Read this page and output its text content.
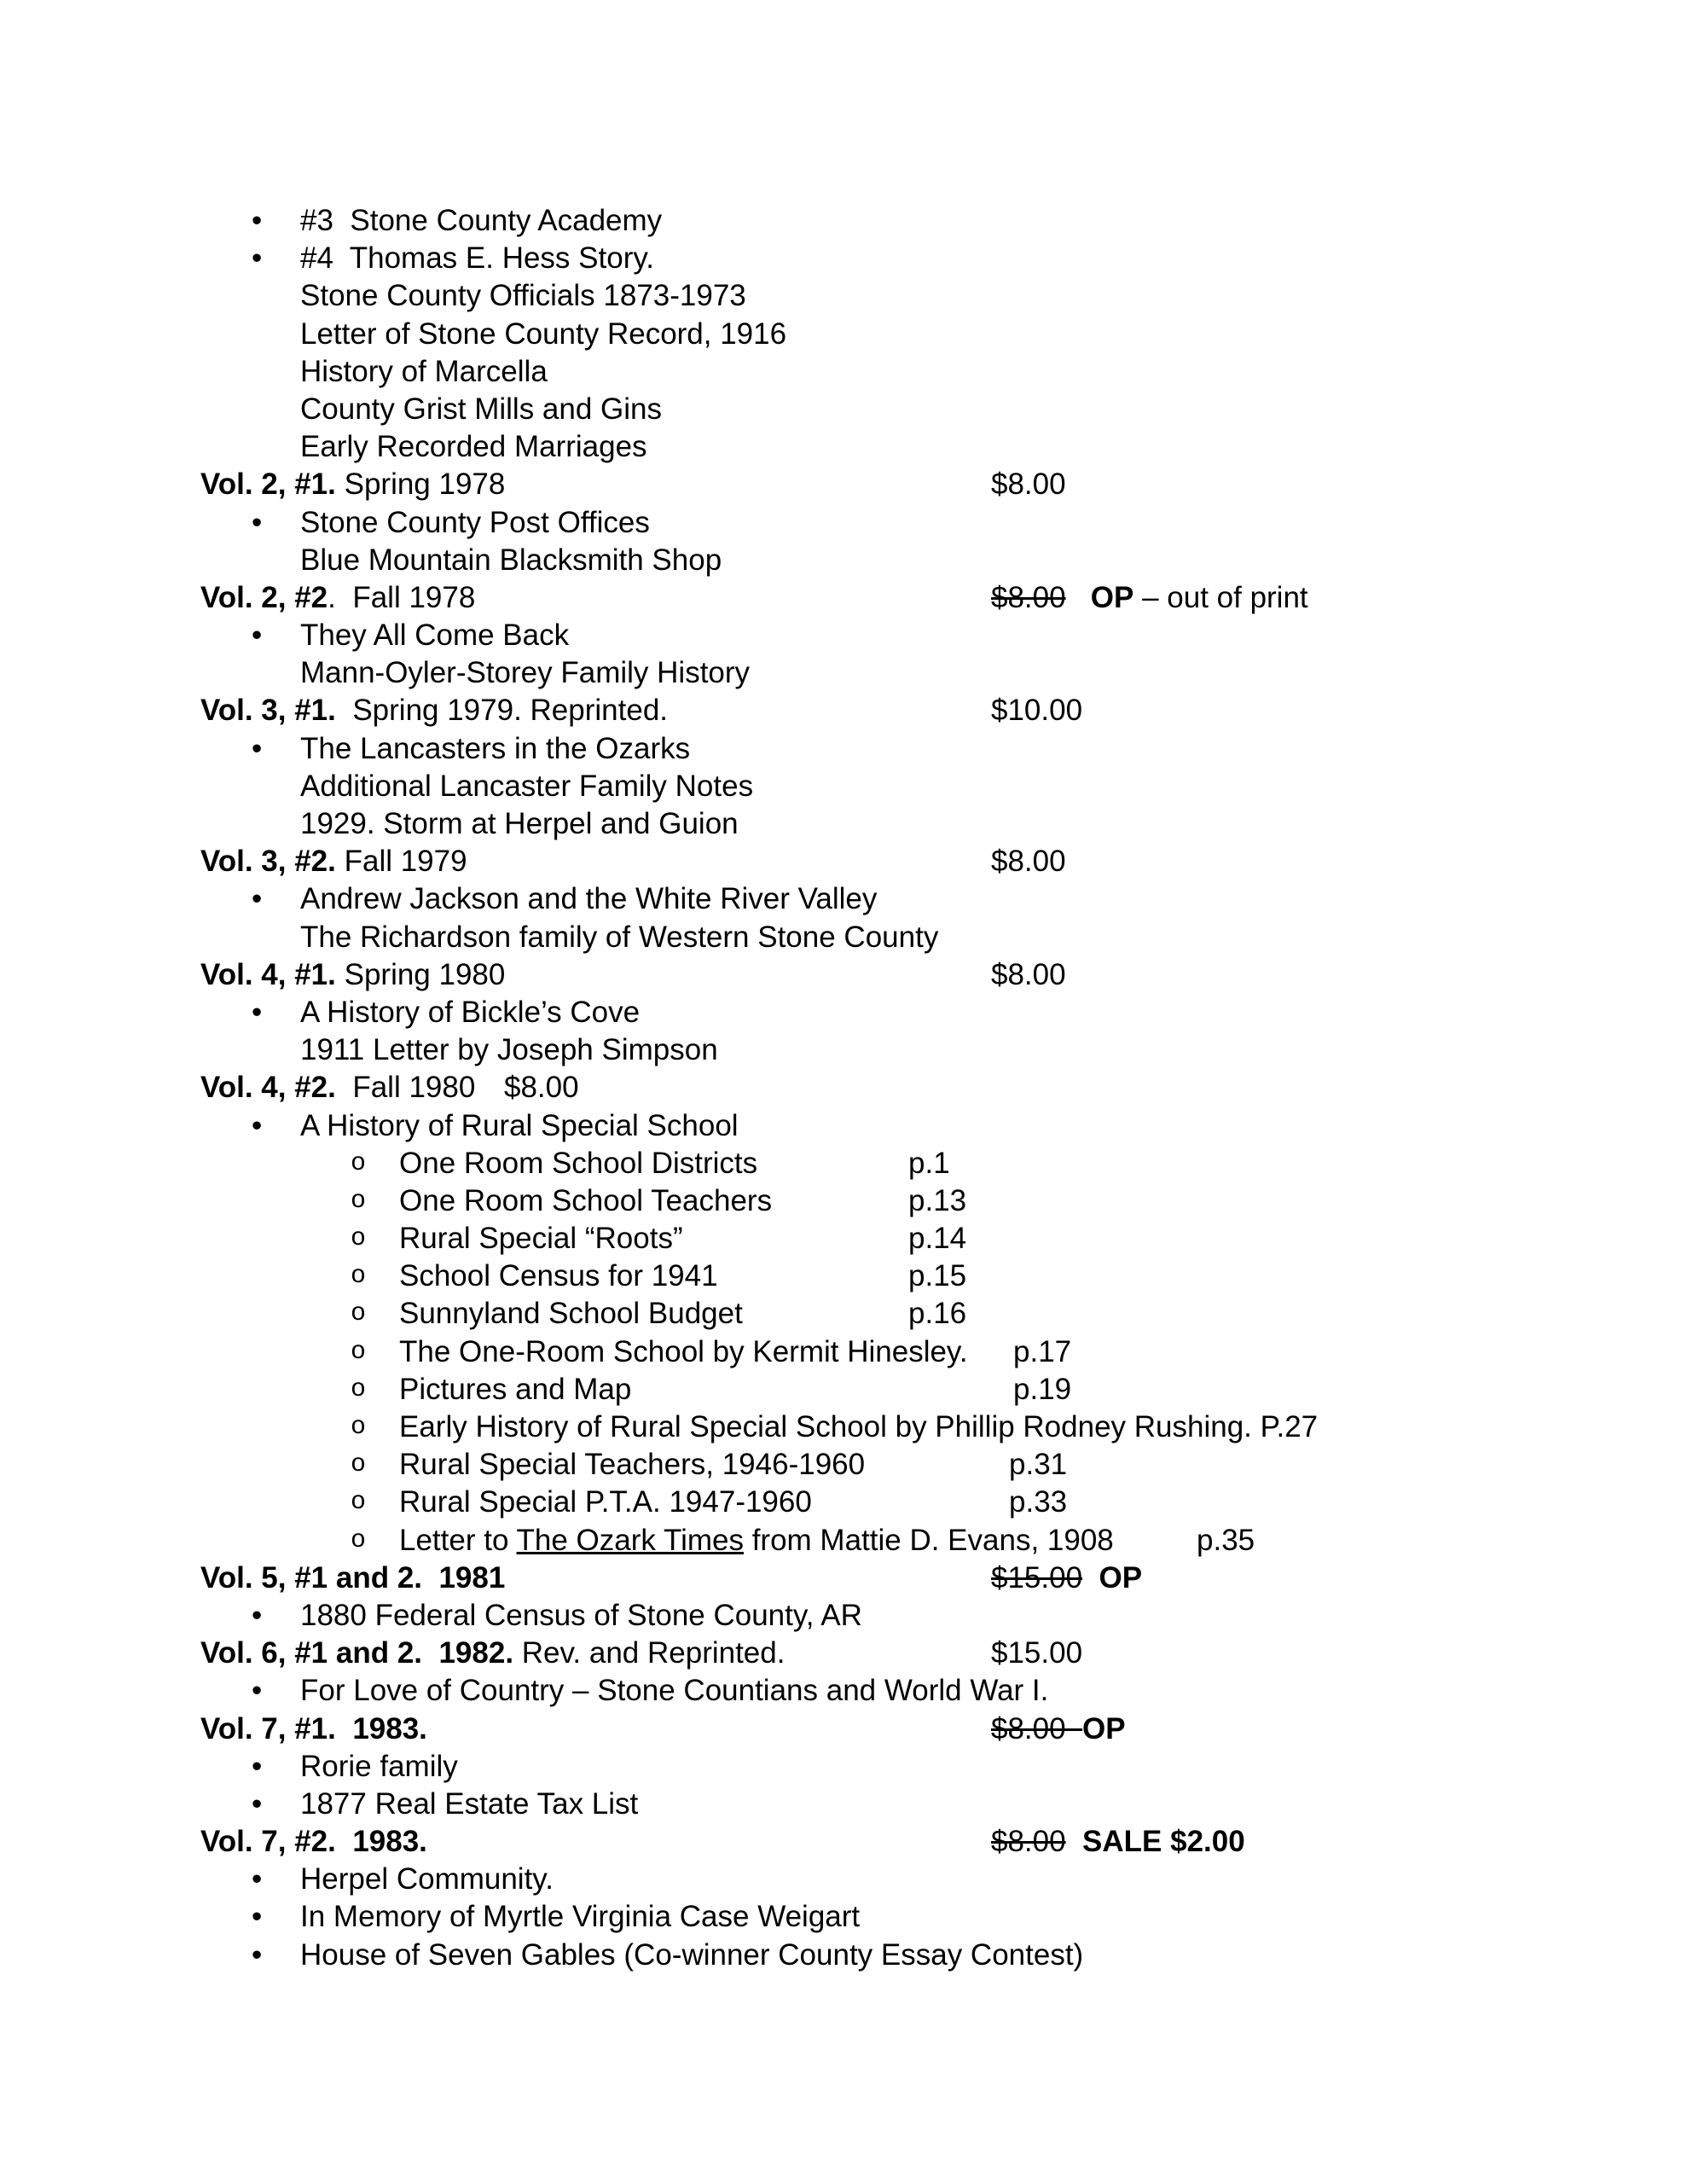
• #3  Stone County Academy
• #4  Thomas E. Hess Story.
Stone County Officials 1873-1973
Letter of Stone County Record, 1916
History of Marcella
County Grist Mills and Gins
Early Recorded Marriages
Vol. 2, #1. Spring 1978	$8.00
• Stone County Post Offices
Blue Mountain Blacksmith Shop
Vol. 2, #2.  Fall 1978	$8.00 OP – out of print
• They All Come Back
Mann-Oyler-Storey Family History
Vol. 3, #1.  Spring 1979. Reprinted.	$10.00
• The Lancasters in the Ozarks
Additional Lancaster Family Notes
1929. Storm at Herpel and Guion
Vol. 3, #2. Fall 1979	$8.00
• Andrew Jackson and the White River Valley
The Richardson family of Western Stone County
Vol. 4, #1. Spring 1980	$8.00
• A History of Bickle’s Cove
1911 Letter by Joseph Simpson
Vol. 4, #2.  Fall 1980 $8.00
• A History of Rural Special School
o One Room School Districts	p.1
o One Room School Teachers	p.13
o Rural Special “Roots”	p.14
o School Census for 1941	p.15
o Sunnyland School Budget	p.16
o The One-Room School by Kermit Hinesley. p.17
o Pictures and Map	p.19
o Early History of Rural Special School by Phillip Rodney Rushing. P.27
o Rural Special Teachers, 1946-1960	p.31
o Rural Special P.T.A. 1947-1960	p.33
o Letter to The Ozark Times from Mattie D. Evans, 1908	p.35
Vol. 5, #1 and 2.  1981	$15.00 OP
• 1880 Federal Census of Stone County, AR
Vol. 6, #1 and 2.  1982. Rev. and Reprinted.	$15.00
• For Love of Country – Stone Countians and World War I.
Vol. 7, #1.  1983.	$8.00  OP
• Rorie family
• 1877 Real Estate Tax List
Vol. 7, #2.  1983.	$8.00 SALE $2.00
• Herpel Community.
• In Memory of Myrtle Virginia Case Weigart
• House of Seven Gables (Co-winner County Essay Contest)
